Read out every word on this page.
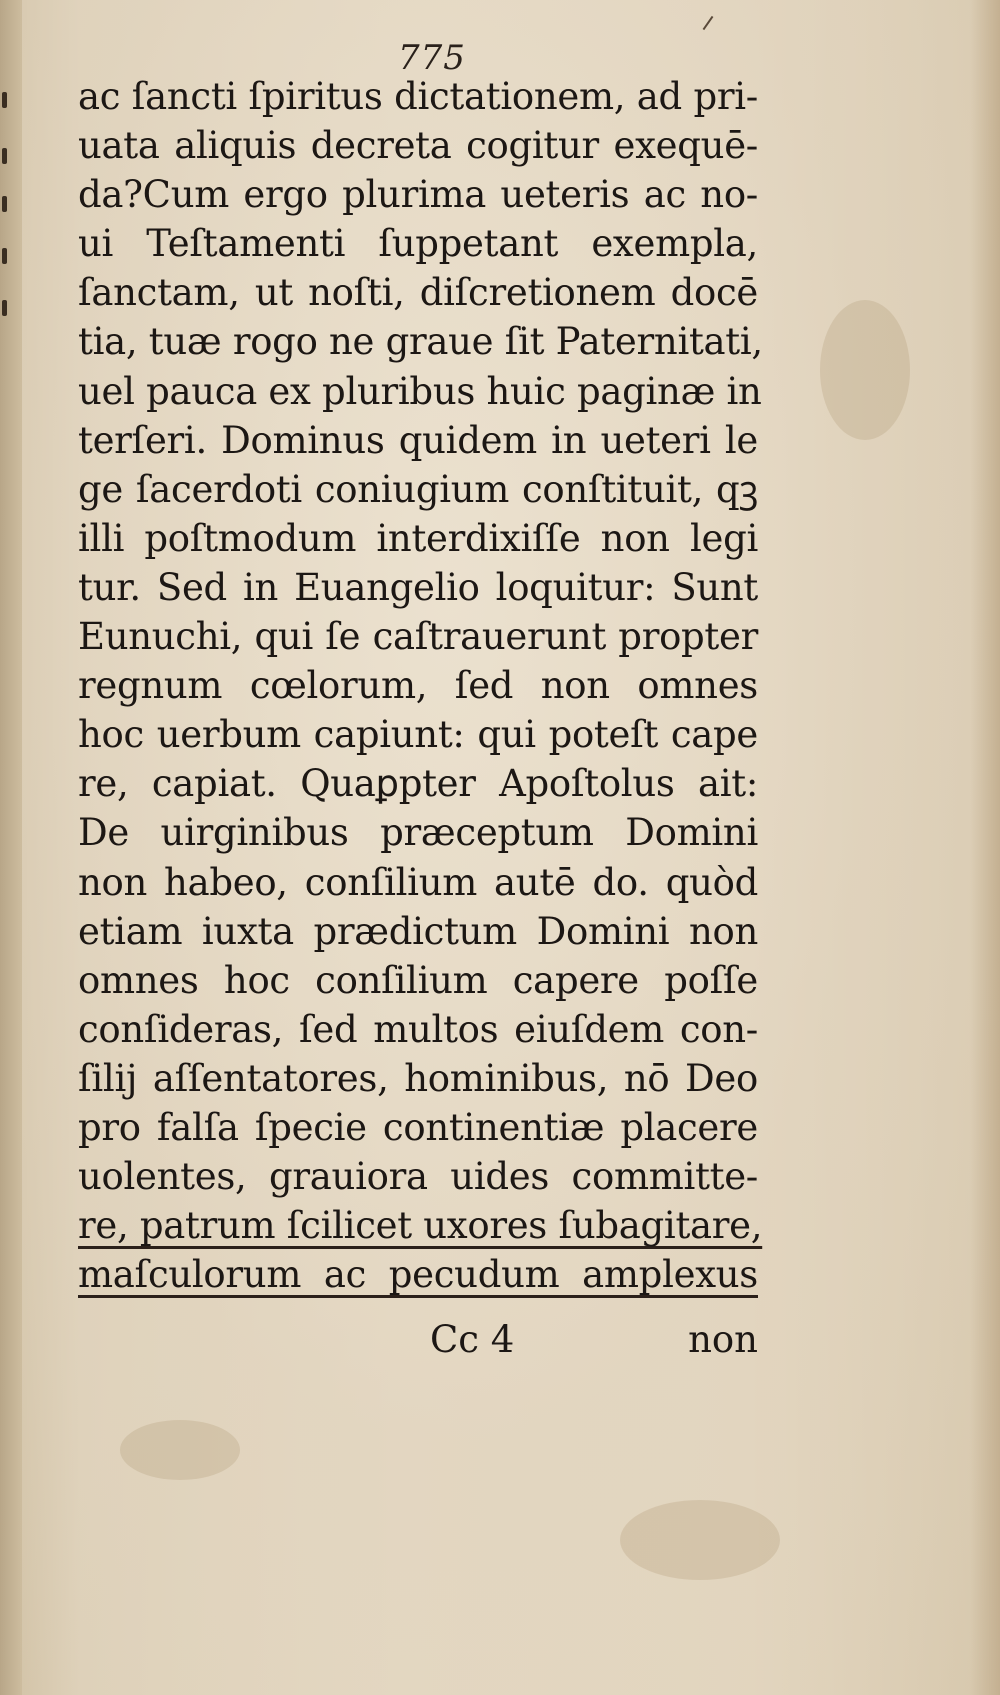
775
ac ſancti ſpiritus dictationem, ad pri-
uata aliquis decreta cogitur exequē-
da?Cum ergo plurima ueteris ac no-
ui Teſtamenti ſuppetant exempla,
ſanctam, ut noſti, diſcretionem docē
tia, tuæ rogo ne graue ſit Paternitati,
uel pauca ex pluribus huic paginæ in
terſeri. Dominus quidem in ueteri le
ge ſacerdoti coniugium conſtituit, qꝫ
illi poſtmodum interdixiſſe non legi
tur. Sed in Euangelio loquitur: Sunt
Eunuchi, qui ſe caſtrauerunt propter
regnum cœlorum, ſed non omnes
hoc uerbum capiunt: qui poteſt cape
re, capiat. Quaꝑpter Apoſtolus ait:
De uirginibus præceptum Domini
non habeo, conſilium autē do. quòd
etiam iuxta prædictum Domini non
omnes hoc conſilium capere poſſe
conſideras, ſed multos eiuſdem con-
ſilij aſſentatores, hominibus, nō Deo
pro falſa ſpecie continentiæ placere
uolentes, grauiora uides committe-
re, patrum ſcilicet uxores ſubagitare,
maſculorum ac pecudum amplexus
Cc 4	non
